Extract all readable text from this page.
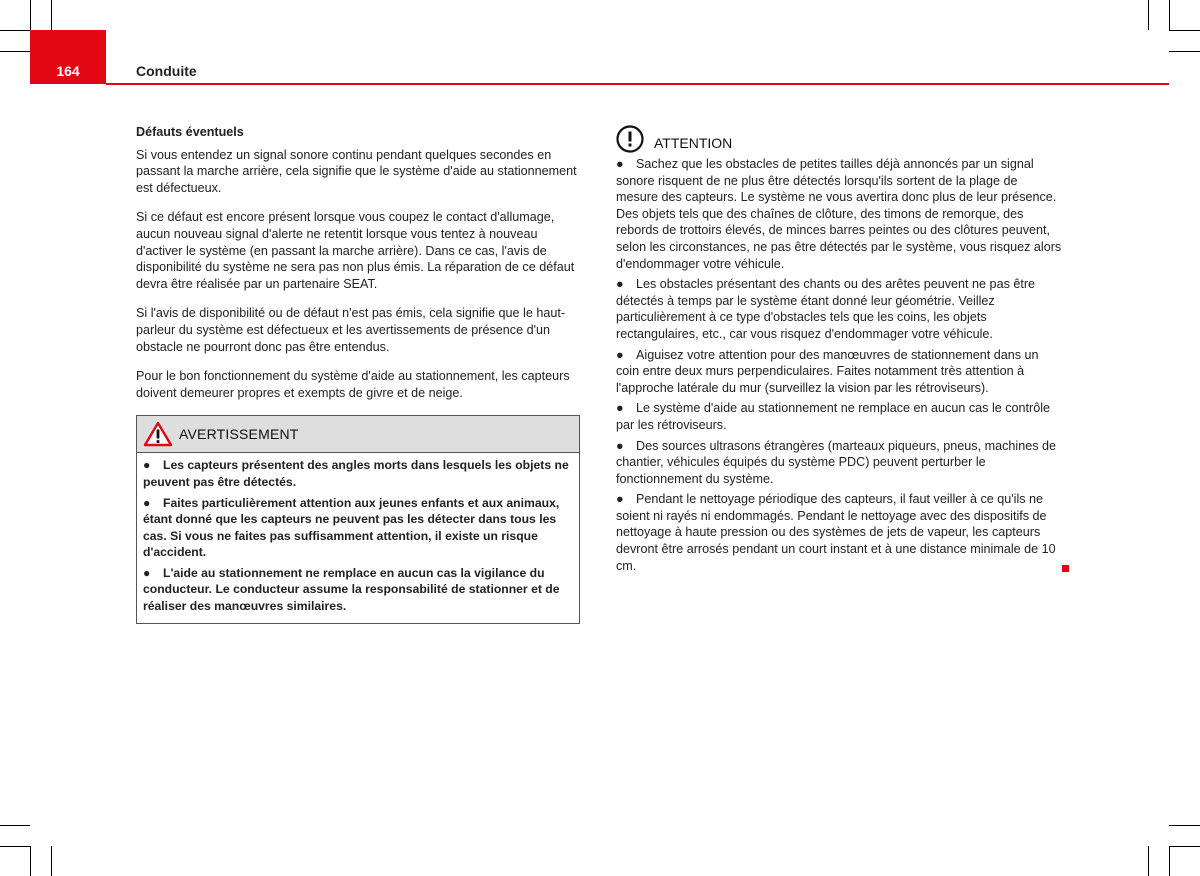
164	Conduite

Défauts éventuels

Si vous entendez un signal sonore continu pendant quelques secondes en passant la marche arrière, cela signifie que le système d'aide au stationnement est défectueux.

Si ce défaut est encore présent lorsque vous coupez le contact d'allumage, aucun nouveau signal d'alerte ne retentit lorsque vous tentez à nouveau d'activer le système (en passant la marche arrière). Dans ce cas, l'avis de disponibilité du système ne sera pas non plus émis. La réparation de ce défaut devra être réalisée par un partenaire SEAT.

Si l'avis de disponibilité ou de défaut n'est pas émis, cela signifie que le haut-parleur du système est défectueux et les avertissements de présence d'un obstacle ne pourront donc pas être entendus.

Pour le bon fonctionnement du système d'aide au stationnement, les capteurs doivent demeurer propres et exempts de givre et de neige.

AVERTISSEMENT

● Les capteurs présentent des angles morts dans lesquels les objets ne peuvent pas être détectés.

● Faites particulièrement attention aux jeunes enfants et aux animaux, étant donné que les capteurs ne peuvent pas les détecter dans tous les cas. Si vous ne faites pas suffisamment attention, il existe un risque d'accident.

● L'aide au stationnement ne remplace en aucun cas la vigilance du conducteur. Le conducteur assume la responsabilité de stationner et de réaliser des manœuvres similaires.

ATTENTION

● Sachez que les obstacles de petites tailles déjà annoncés par un signal sonore risquent de ne plus être détectés lorsqu'ils sortent de la plage de mesure des capteurs. Le système ne vous avertira donc plus de leur présence. Des objets tels que des chaînes de clôture, des timons de remorque, des rebords de trottoirs élevés, de minces barres peintes ou des clôtures peuvent, selon les circonstances, ne pas être détectés par le système, vous risquez alors d'endommager votre véhicule.

● Les obstacles présentant des chants ou des arêtes peuvent ne pas être détectés à temps par le système étant donné leur géométrie. Veillez particulièrement à ce type d'obstacles tels que les coins, les objets rectangulaires, etc., car vous risquez d'endommager votre véhicule.

● Aiguisez votre attention pour des manœuvres de stationnement dans un coin entre deux murs perpendiculaires. Faites notamment très attention à l'approche latérale du mur (surveillez la vision par les rétroviseurs).

● Le système d'aide au stationnement ne remplace en aucun cas le contrôle par les rétroviseurs.

● Des sources ultrasons étrangères (marteaux piqueurs, pneus, machines de chantier, véhicules équipés du système PDC) peuvent perturber le fonctionnement du système.

● Pendant le nettoyage périodique des capteurs, il faut veiller à ce qu'ils ne soient ni rayés ni endommagés. Pendant le nettoyage avec des dispositifs de nettoyage à haute pression ou des systèmes de jets de vapeur, les capteurs devront être arrosés pendant un court instant et à une distance minimale de 10 cm.
